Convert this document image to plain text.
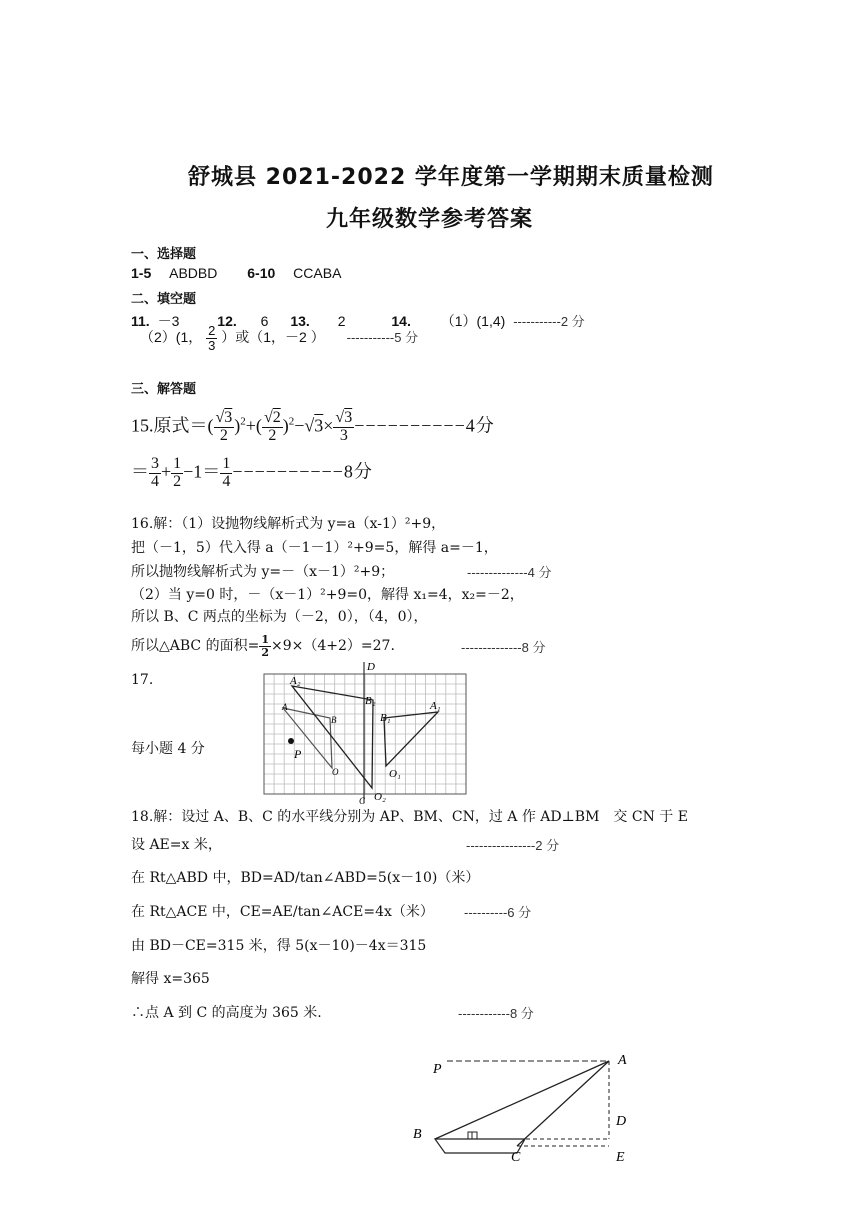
舒城县 2021-2022 学年度第一学期期末质量检测
九年级数学参考答案
一、选择题
1-5 ABDBD 6-10 CCABA
二、填空题
11. －3	12. 6 13. 2	14. （1）(1,4) -----------2 分
（2）(1， $\frac{2}{3}$ ）或（1，－2 ） -----------5 分
三、解答题
15.原式＝( $\frac{√3}{2} )^2+( \frac{√2}{2} )^2-√3\times \frac{√3}{3} ----------4$分
＝ $\frac{3}{4} + \frac{1}{2} -1= \frac{1}{4} ----------8$分
16.解：（1）设抛物线解析式为 y=a（x-1）²+9，
把（－1，5）代入得 a（－1－1）²+9=5，解得 a=－1，
所以抛物线解析式为 y=－（x－1）²+9；	--------------4 分
（2）当 y=0 时，－（x－1）²+9=0，解得 x₁=4，x₂=－2，
所以 B、C 两点的坐标为（－2，0），（4，0），
所以△ABC 的面积= $\frac{1}{2} \times 9\times(4+2)=27$.	--------------8 分
17.
每小题 4 分
D
A₂
B₂
A
B	B₁
A₁
P
O	O₁
C O₂
18.解：设过 A、B、C 的水平线分别为 AP、BM、CN，过 A 作 AD⊥BM　交 CN 于 E
设 AE=x 米，	----------------2 分
在 Rt△ABD 中，BD=AD/tan∠ABD=5(x－10)（米）
在 Rt△ACE 中，CE=AE/tan∠ACE=4x（米） ----------6 分
由 BD－CE=315 米，得 5(x－10)－4x＝315
解得 x=365
∴点 A 到 C 的高度为 365 米.	------------8 分
P
A
D
B
C	E
